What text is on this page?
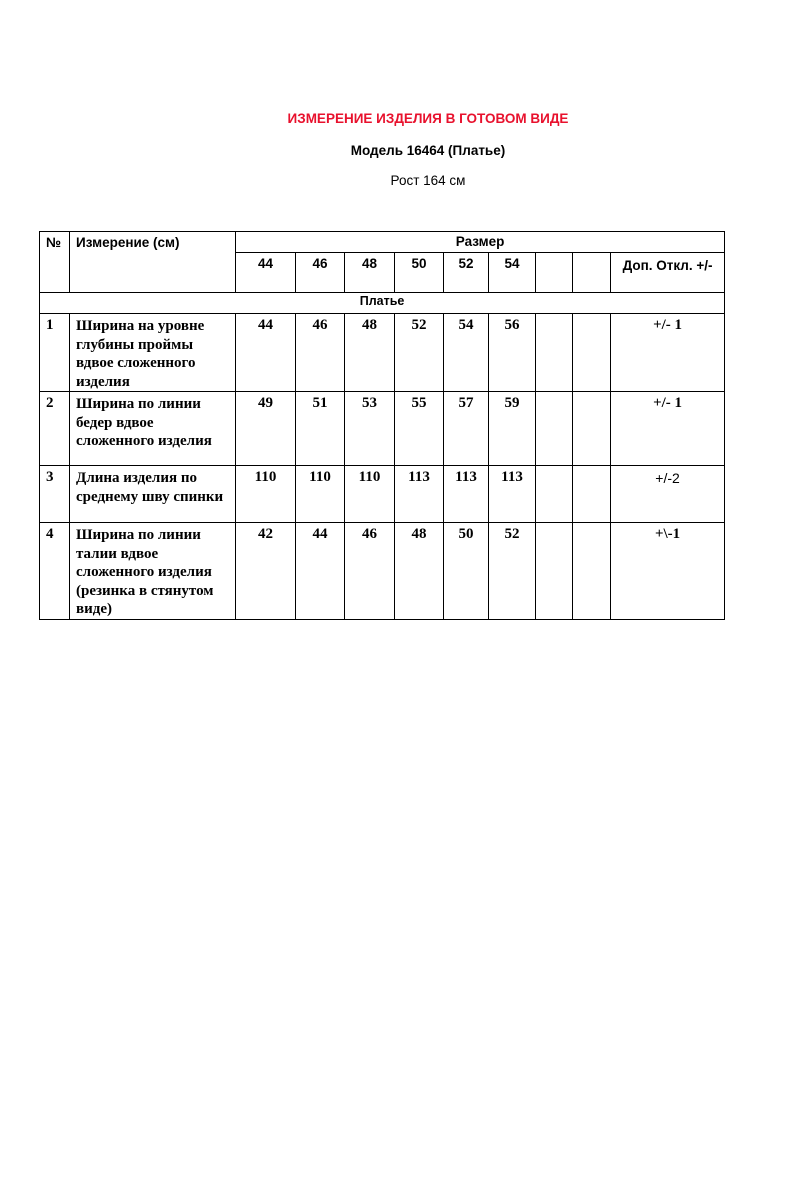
ИЗМЕРЕНИЕ ИЗДЕЛИЯ В ГОТОВОМ ВИДЕ
Модель 16464 (Платье)
Рост 164 см
№	Измерение (см)	Размер								
		44	46	48	50	52	54			Доп. Откл. +/-
Платье										
1	Ширина на уровне глубины проймы вдвое сложенного изделия	44	46	48	52	54	56			+/- 1
2	Ширина по линии бедер вдвое сложенного изделия	49	51	53	55	57	59			+/- 1
3	Длина изделия по среднему шву спинки	110	110	110	113	113	113			+/-2
4	Ширина по линии талии вдвое сложенного изделия (резинка в стянутом виде)	42	44	46	48	50	52			+\-1
